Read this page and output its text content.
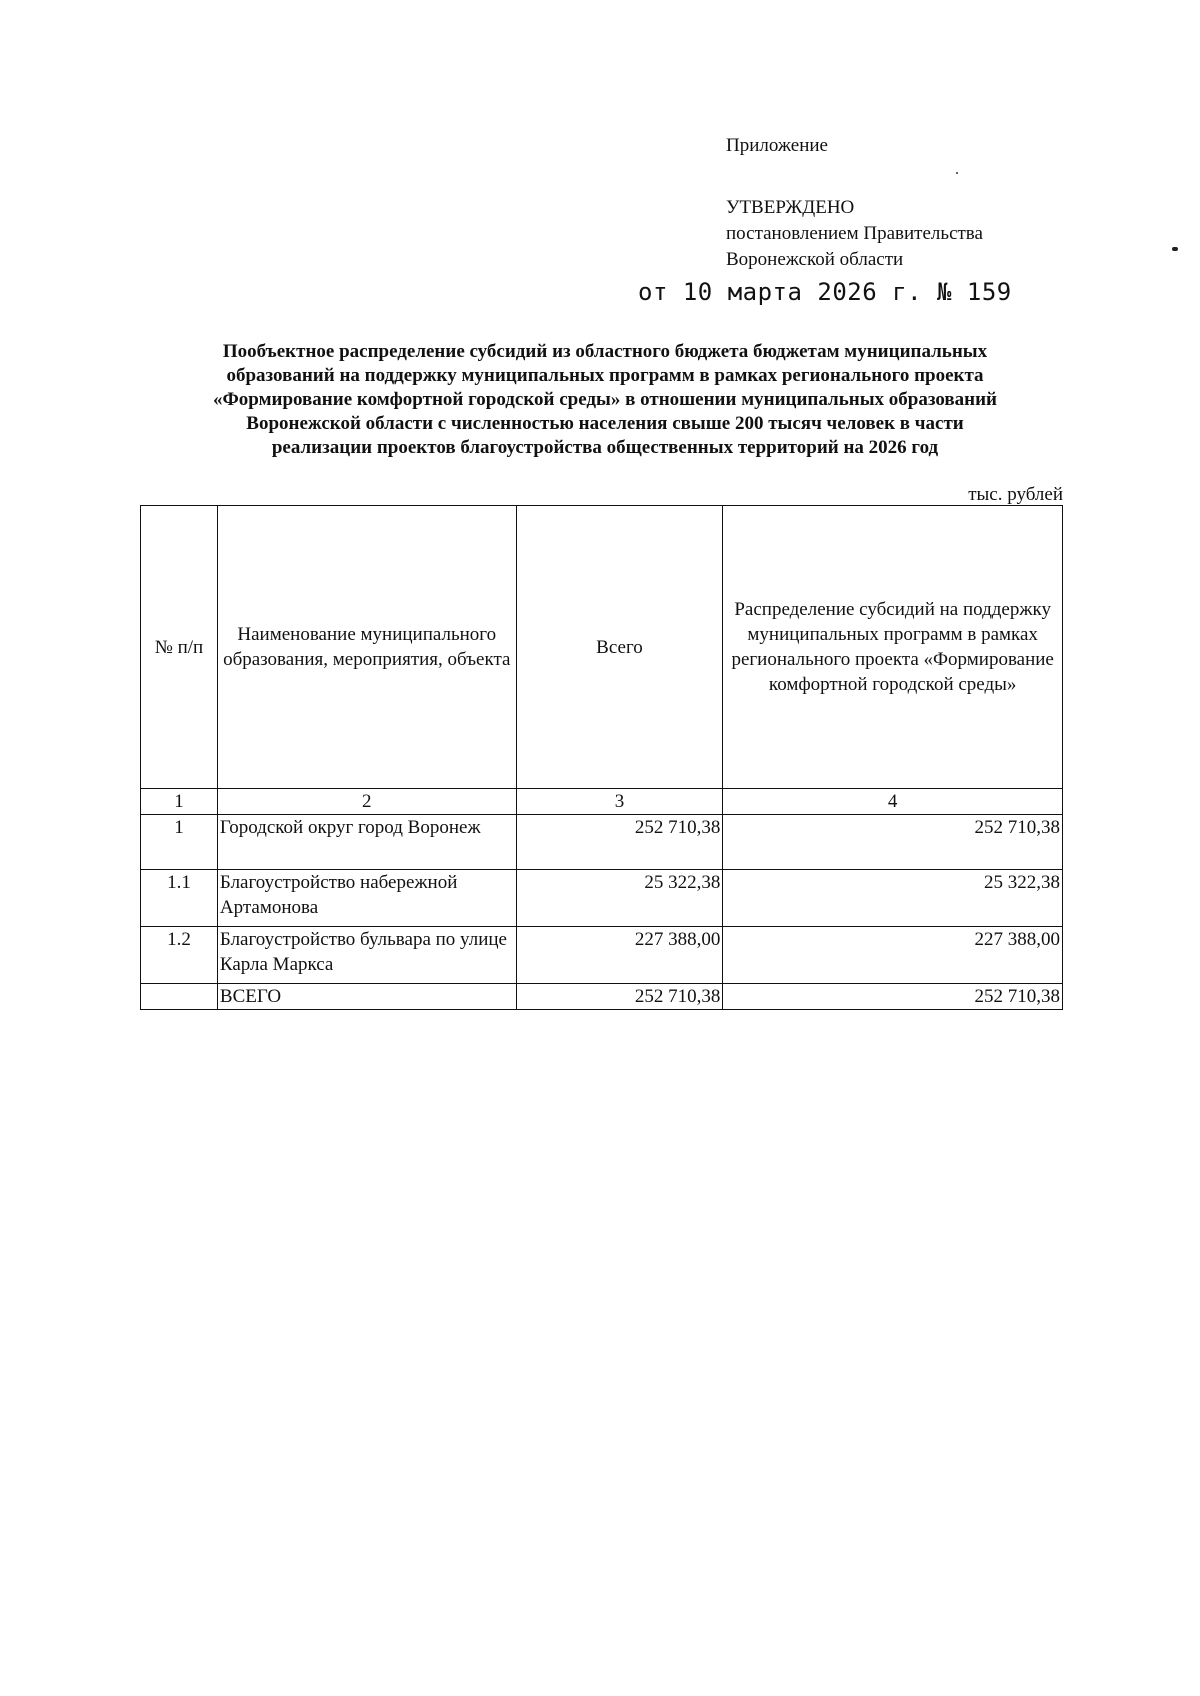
Приложение
УТВЕРЖДЕНО
постановлением Правительства
Воронежской области
от 10 марта 2026 г. № 159
Пообъектное распределение субсидий из областного бюджета бюджетам муниципальных
образований на поддержку муниципальных программ в рамках регионального проекта
«Формирование комфортной городской среды» в отношении муниципальных образований
Воронежской области с численностью населения свыше 200 тысяч человек в части
реализации проектов благоустройства общественных территорий на 2026 год
тыс. рублей
№ п/п	Наименование муниципального образования, мероприятия, объекта	Всего	Распределение субсидий на поддержку муниципальных программ в рамках регионального проекта «Формирование комфортной городской среды»
1	2	3	4
1	Городской округ город Воронеж	252 710,38	252 710,38
1.1	Благоустройство набережной Артамонова	25 322,38	25 322,38
1.2	Благоустройство бульвара по улице Карла Маркса	227 388,00	227 388,00
	ВСЕГО	252 710,38	252 710,38
